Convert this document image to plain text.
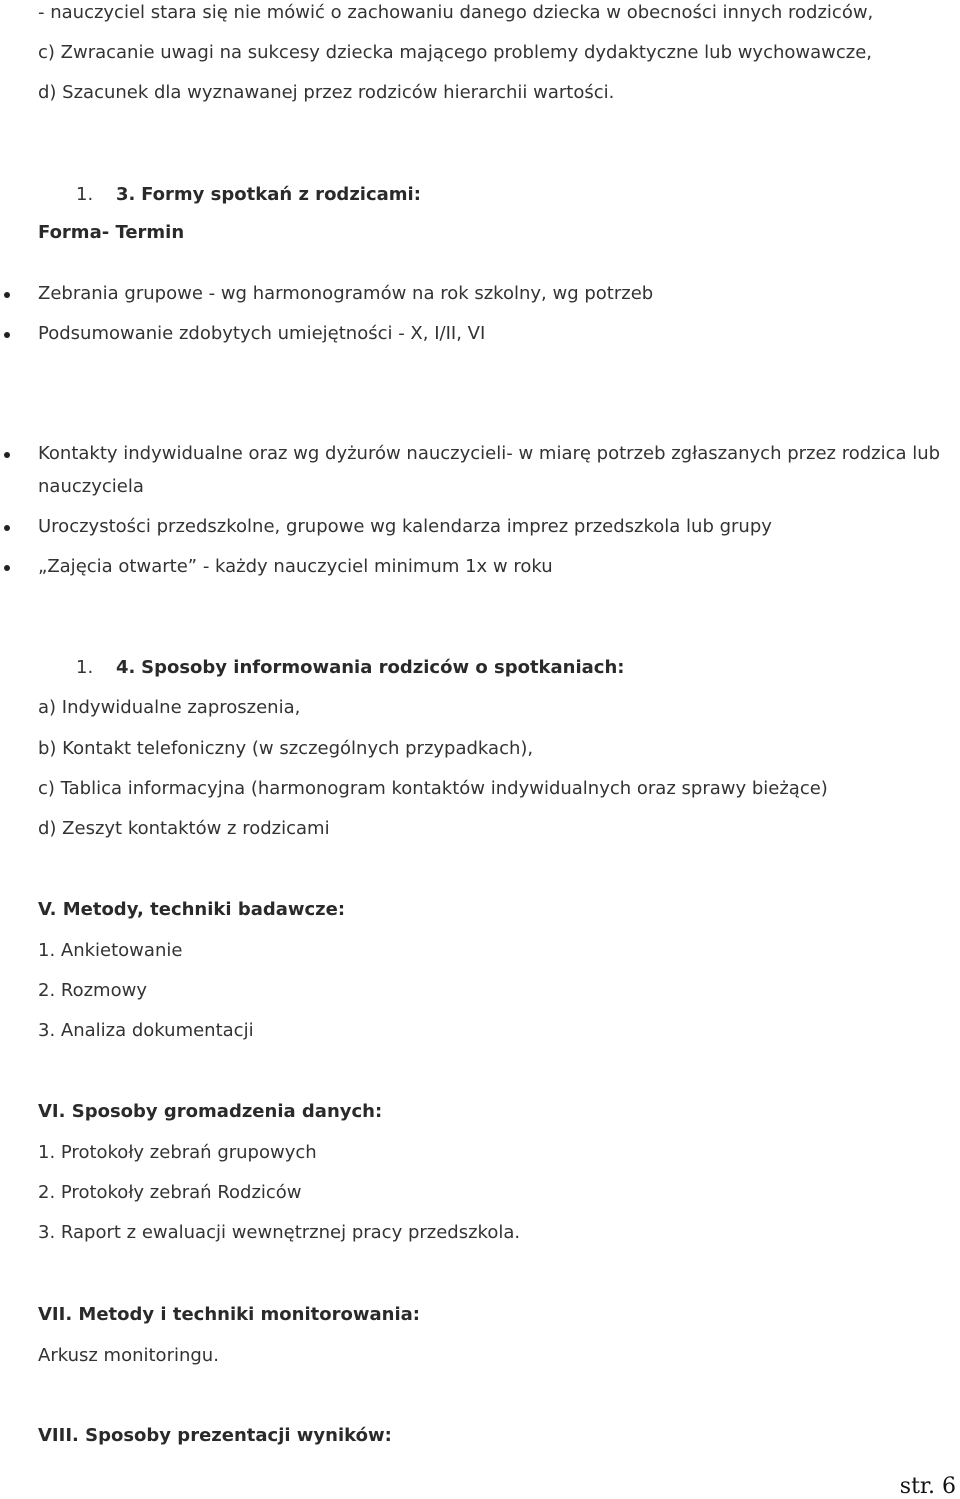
- nauczyciel stara się nie mówić o zachowaniu danego dziecka w obecności innych rodziców,
c) Zwracanie uwagi na sukcesy dziecka mającego problemy dydaktyczne lub wychowawcze,
d) Szacunek dla wyznawanej przez rodziców hierarchii wartości.
1. 3. Formy spotkań z rodzicami:
Forma- Termin
Zebrania grupowe - wg harmonogramów na rok szkolny, wg potrzeb
Podsumowanie zdobytych umiejętności - X, I/II, VI
Kontakty indywidualne oraz wg dyżurów nauczycieli- w miarę potrzeb zgłaszanych przez rodzica lub
nauczyciela
Uroczystości przedszkolne, grupowe wg kalendarza imprez przedszkola lub grupy
„Zajęcia otwarte” - każdy nauczyciel minimum 1x w roku
1. 4. Sposoby informowania rodziców o spotkaniach:
a) Indywidualne zaproszenia,
b) Kontakt telefoniczny (w szczególnych przypadkach),
c) Tablica informacyjna (harmonogram kontaktów indywidualnych oraz sprawy bieżące)
d) Zeszyt kontaktów z rodzicami
V. Metody, techniki badawcze:
1. Ankietowanie
2. Rozmowy
3. Analiza dokumentacji
VI. Sposoby gromadzenia danych:
1. Protokoły zebrań grupowych
2. Protokoły zebrań Rodziców
3. Raport z ewaluacji wewnętrznej pracy przedszkola.
VII. Metody i techniki monitorowania:
Arkusz monitoringu.
VIII. Sposoby prezentacji wyników:
str. 6
